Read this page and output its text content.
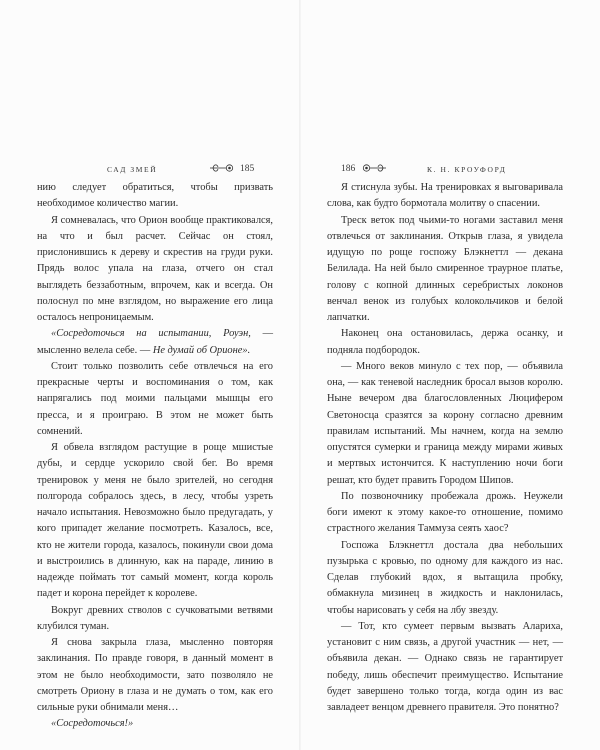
САД ЗМЕЙ	185

нию следует обратиться, чтобы призвать необходимое количество магии.

Я сомневалась, что Орион вообще практиковался, на что и был расчет. Сейчас он стоял, прислонившись к дереву и скрестив на груди руки. Прядь волос упала на глаза, отчего он стал выглядеть беззаботным, впрочем, как и всегда. Он полоснул по мне взглядом, но выражение его лица осталось непроницаемым.

«Сосредоточься на испытании, Роуэн, — мысленно велела себе. — Не думай об Орионе».

Стоит только позволить себе отвлечься на его прекрасные черты и воспоминания о том, как напрягались под моими пальцами мышцы его пресса, и я проиграю. В этом не может быть сомнений.

Я обвела взглядом растущие в роще мшистые дубы, и сердце ускорило свой бег. Во время тренировок у меня не было зрителей, но сегодня полгорода собралось здесь, в лесу, чтобы узреть начало испытания. Невозможно было предугадать, у кого припадет желание посмотреть. Казалось, все, кто не жители города, казалось, покинули свои дома и выстроились в длинную, как на параде, линию в надежде поймать тот самый момент, когда король падет и корона перейдет к королеве.

Вокруг древних стволов с сучковатыми ветвями клубился туман.

Я снова закрыла глаза, мысленно повторяя заклинания. По правде говоря, в данный момент в этом не было необходимости, зато позволяло не смотреть Ориону в глаза и не думать о том, как его сильные руки обнимали меня…

«Сосредоточься!»

186	К. Н. КРОУФОРД

Я стиснула зубы. На тренировках я выговаривала слова, как будто бормотала молитву о спасении.

Треск веток под чьими-то ногами заставил меня отвлечься от заклинания. Открыв глаза, я увидела идущую по роще госпожу Блэкнеттл — декана Белилада. На ней было смиренное траурное платье, голову с копной длинных серебристых локонов венчал венок из голубых колокольчиков и белой лапчатки.

Наконец она остановилась, держа осанку, и подняла подбородок.

— Много веков минуло с тех пор, — объявила она, — как теневой наследник бросал вызов королю. Ныне вечером два благословленных Люцифером Светоносца сразятся за корону согласно древним правилам испытаний. Мы начнем, когда на землю опустятся сумерки и граница между мирами живых и мертвых истончится. К наступлению ночи боги решат, кто будет править Городом Шипов.

По позвоночнику пробежала дрожь. Неужели боги имеют к этому какое-то отношение, помимо страстного желания Таммуза сеять хаос?

Госпожа Блэкнеттл достала два небольших пузырька с кровью, по одному для каждого из нас. Сделав глубокий вдох, я вытащила пробку, обмакнула мизинец в жидкость и наклонилась, чтобы нарисовать у себя на лбу звезду.

— Тот, кто сумеет первым вызвать Алариха, установит с ним связь, а другой участник — нет, — объявила декан. — Однако связь не гарантирует победу, лишь обеспечит преимущество. Испытание будет завершено только тогда, когда один из вас завладеет венцом древнего правителя. Это понятно?
